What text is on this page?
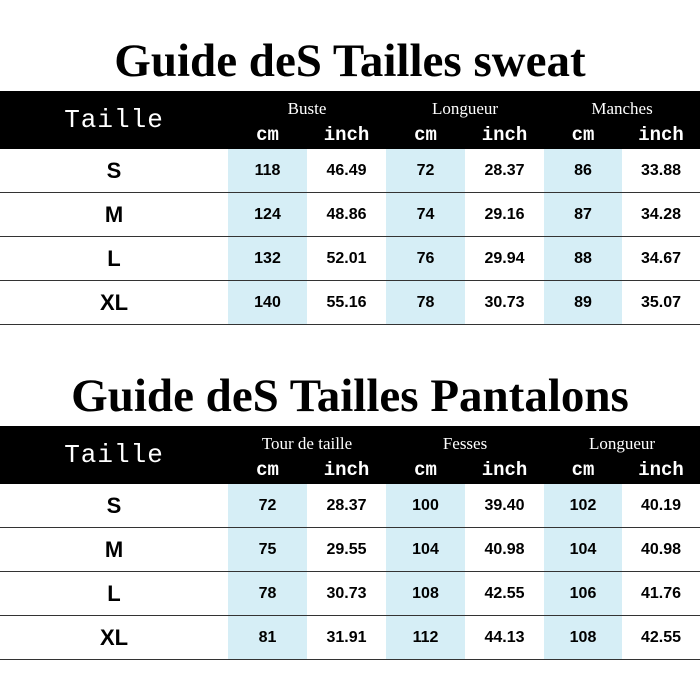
Guide deS Tailles sweat
Taille	Buste		Longueur		Manches	
	cm	inch	cm	inch	cm	inch
S	118	46.49	72	28.37	86	33.88
M	124	48.86	74	29.16	87	34.28
L	132	52.01	76	29.94	88	34.67
XL	140	55.16	78	30.73	89	35.07
Guide deS Tailles Pantalons
Taille	Tour de taille		Fesses		Longueur	
	cm	inch	cm	inch	cm	inch
S	72	28.37	100	39.40	102	40.19
M	75	29.55	104	40.98	104	40.98
L	78	30.73	108	42.55	106	41.76
XL	81	31.91	112	44.13	108	42.55
